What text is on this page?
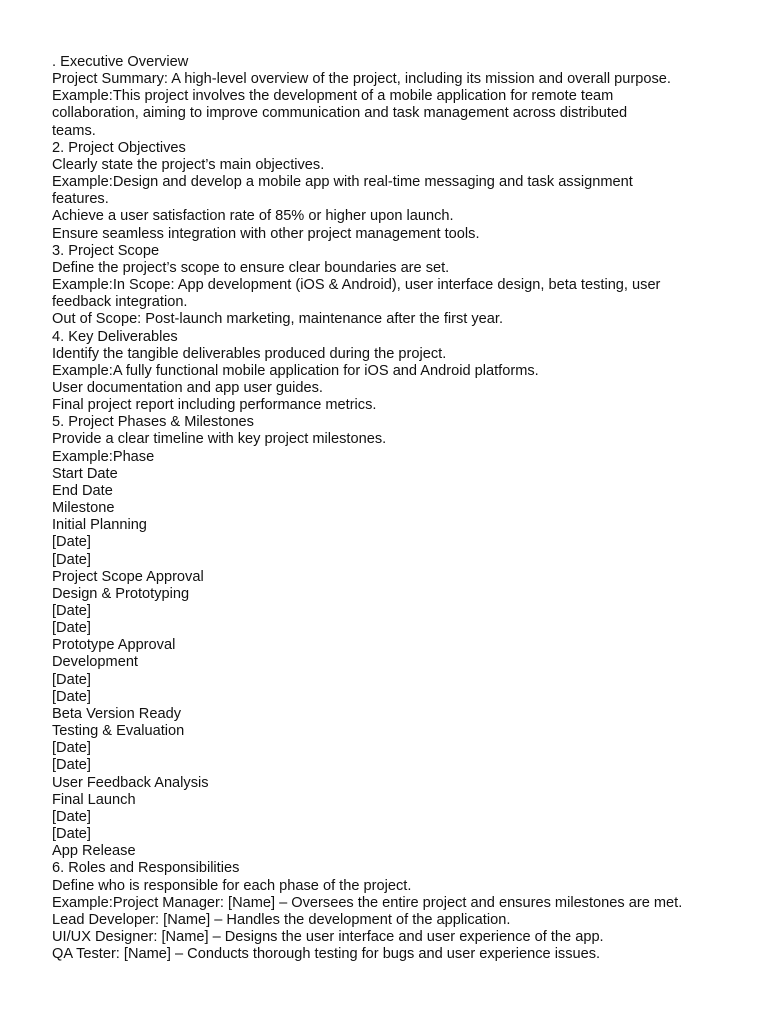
. Executive Overview
Project Summary: A high-level overview of the project, including its mission and overall purpose.
Example:This project involves the development of a mobile application for remote team
collaboration, aiming to improve communication and task management across distributed
teams.
2. Project Objectives
Clearly state the project’s main objectives.
Example:Design and develop a mobile app with real-time messaging and task assignment
features.
Achieve a user satisfaction rate of 85% or higher upon launch.
Ensure seamless integration with other project management tools.
3. Project Scope
Define the project’s scope to ensure clear boundaries are set.
Example:In Scope: App development (iOS & Android), user interface design, beta testing, user
feedback integration.
Out of Scope: Post-launch marketing, maintenance after the first year.
4. Key Deliverables
Identify the tangible deliverables produced during the project.
Example:A fully functional mobile application for iOS and Android platforms.
User documentation and app user guides.
Final project report including performance metrics.
5. Project Phases & Milestones
Provide a clear timeline with key project milestones.
Example:Phase
Start Date
End Date
Milestone
Initial Planning
[Date]
[Date]
Project Scope Approval
Design & Prototyping
[Date]
[Date]
Prototype Approval
Development
[Date]
[Date]
Beta Version Ready
Testing & Evaluation
[Date]
[Date]
User Feedback Analysis
Final Launch
[Date]
[Date]
App Release
6. Roles and Responsibilities
Define who is responsible for each phase of the project.
Example:Project Manager: [Name] – Oversees the entire project and ensures milestones are met.
Lead Developer: [Name] – Handles the development of the application.
UI/UX Designer: [Name] – Designs the user interface and user experience of the app.
QA Tester: [Name] – Conducts thorough testing for bugs and user experience issues.
